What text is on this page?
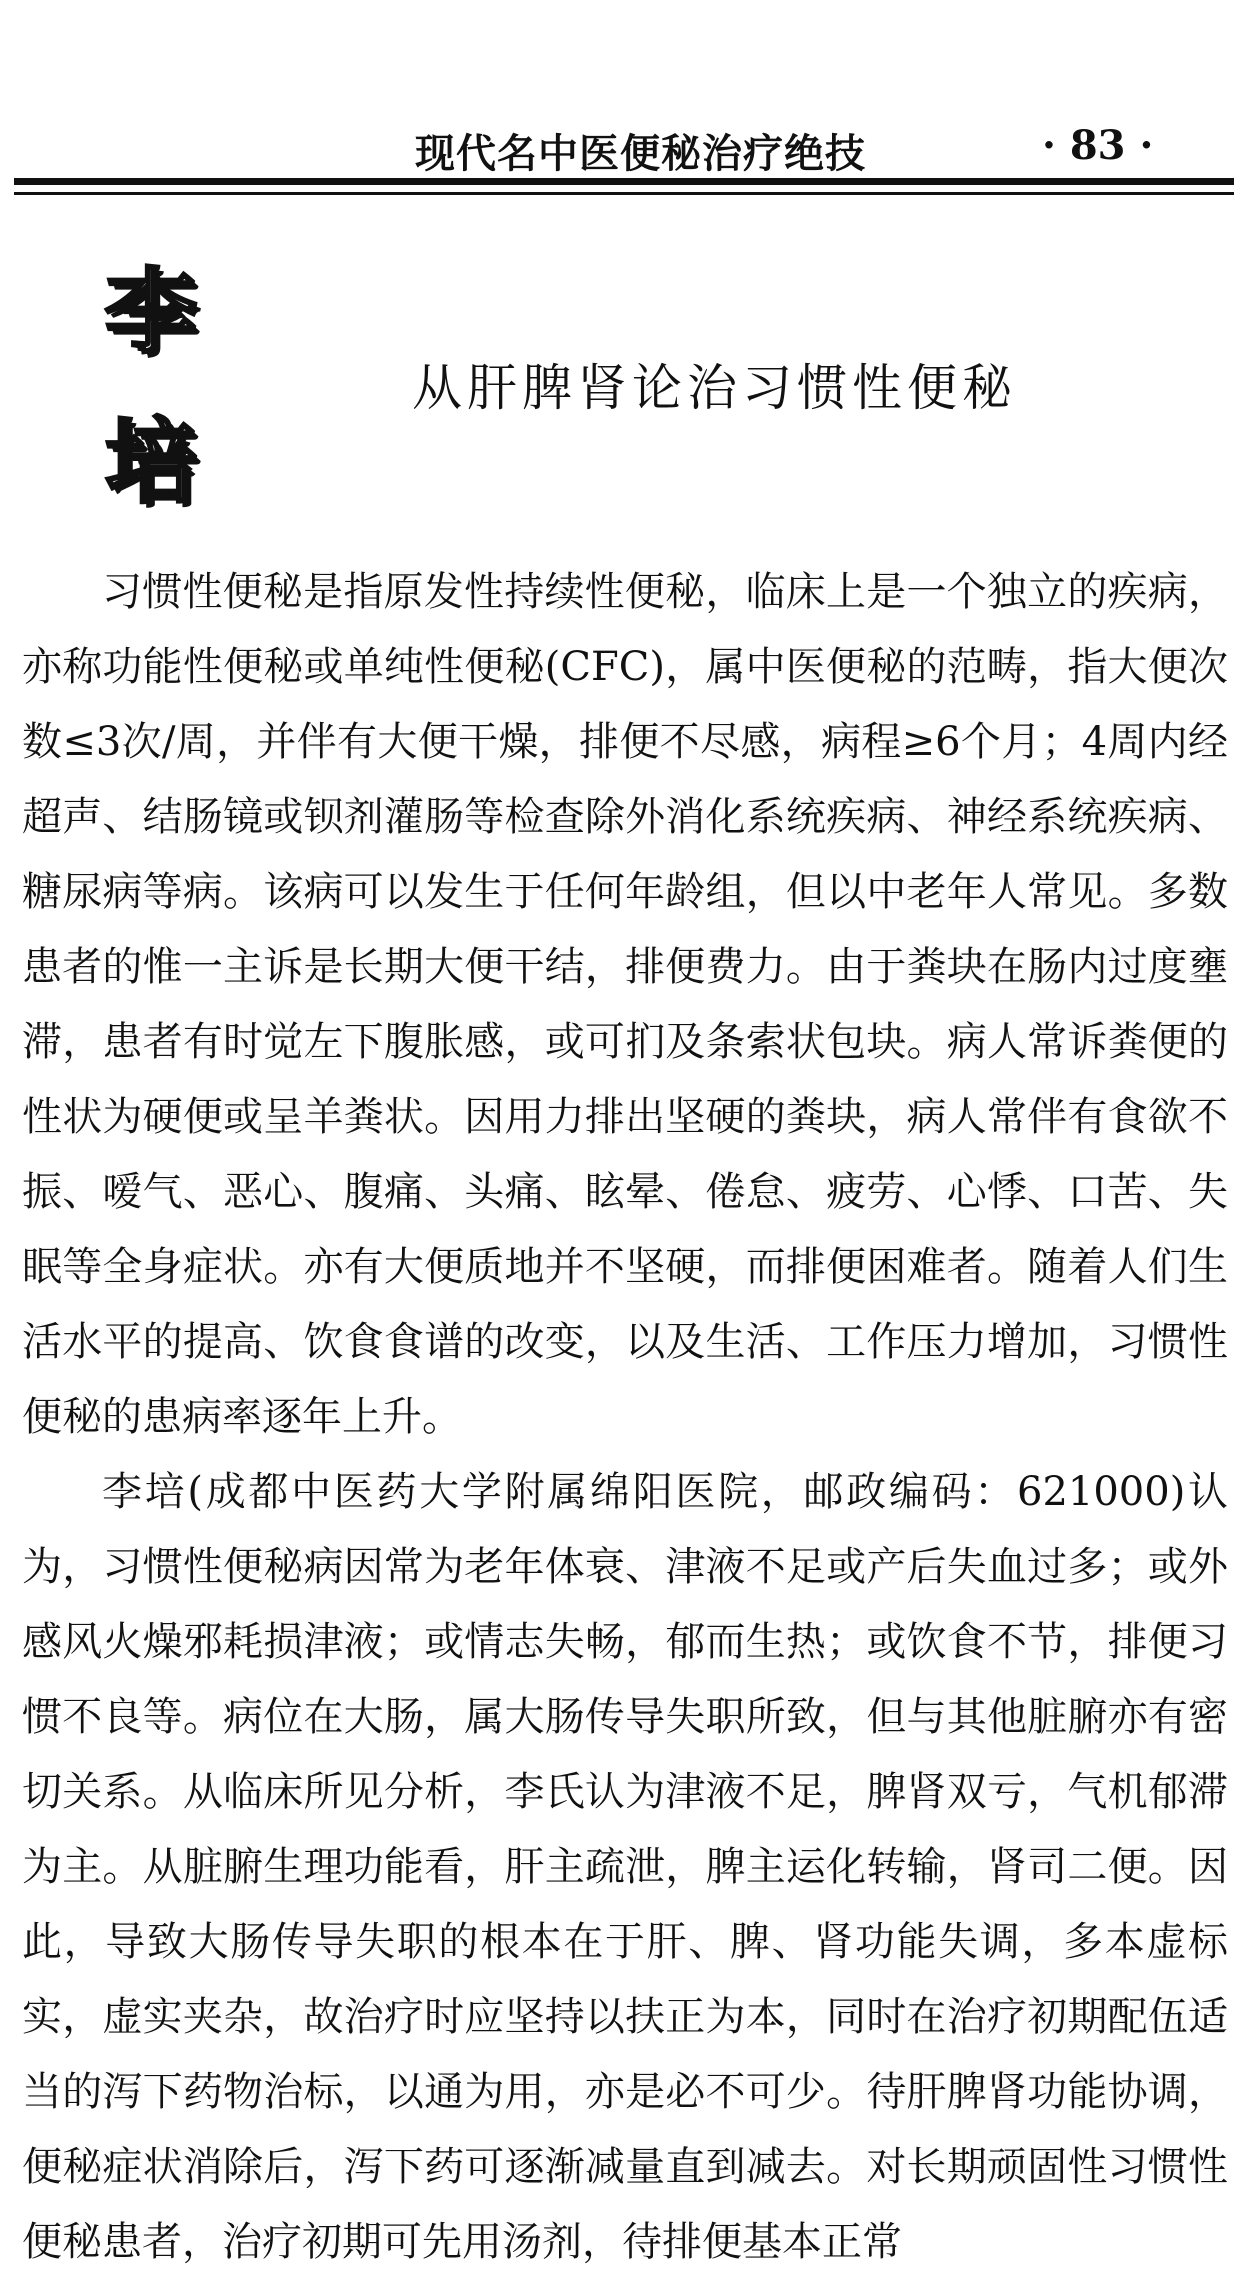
现代名中医便秘治疗绝技	· 83 ·
李
培
从肝脾肾论治习惯性便秘

习惯性便秘是指原发性持续性便秘，临床上是一个独立的疾病，亦称功能性便秘或单纯性便秘(CFC)，属中医便秘的范畴，指大便次数≤3次/周，并伴有大便干燥，排便不尽感，病程≥6个月；4周内经超声、结肠镜或钡剂灌肠等检查除外消化系统疾病、神经系统疾病、糖尿病等病。该病可以发生于任何年龄组，但以中老年人常见。多数患者的惟一主诉是长期大便干结，排便费力。由于粪块在肠内过度壅滞，患者有时觉左下腹胀感，或可扪及条索状包块。病人常诉粪便的性状为硬便或呈羊粪状。因用力排出坚硬的粪块，病人常伴有食欲不振、嗳气、恶心、腹痛、头痛、眩晕、倦怠、疲劳、心悸、口苦、失眠等全身症状。亦有大便质地并不坚硬，而排便困难者。随着人们生活水平的提高、饮食食谱的改变，以及生活、工作压力增加，习惯性便秘的患病率逐年上升。

李培(成都中医药大学附属绵阳医院，邮政编码：621000)认为，习惯性便秘病因常为老年体衰、津液不足或产后失血过多；或外感风火燥邪耗损津液；或情志失畅，郁而生热；或饮食不节，排便习惯不良等。病位在大肠，属大肠传导失职所致，但与其他脏腑亦有密切关系。从临床所见分析，李氏认为津液不足，脾肾双亏，气机郁滞为主。从脏腑生理功能看，肝主疏泄，脾主运化转输，肾司二便。因此，导致大肠传导失职的根本在于肝、脾、肾功能失调，多本虚标实，虚实夹杂，故治疗时应坚持以扶正为本，同时在治疗初期配伍适当的泻下药物治标，以通为用，亦是必不可少。待肝脾肾功能协调，便秘症状消除后，泻下药可逐渐减量直到减去。对长期顽固性习惯性便秘患者，治疗初期可先用汤剂，待排便基本正常
